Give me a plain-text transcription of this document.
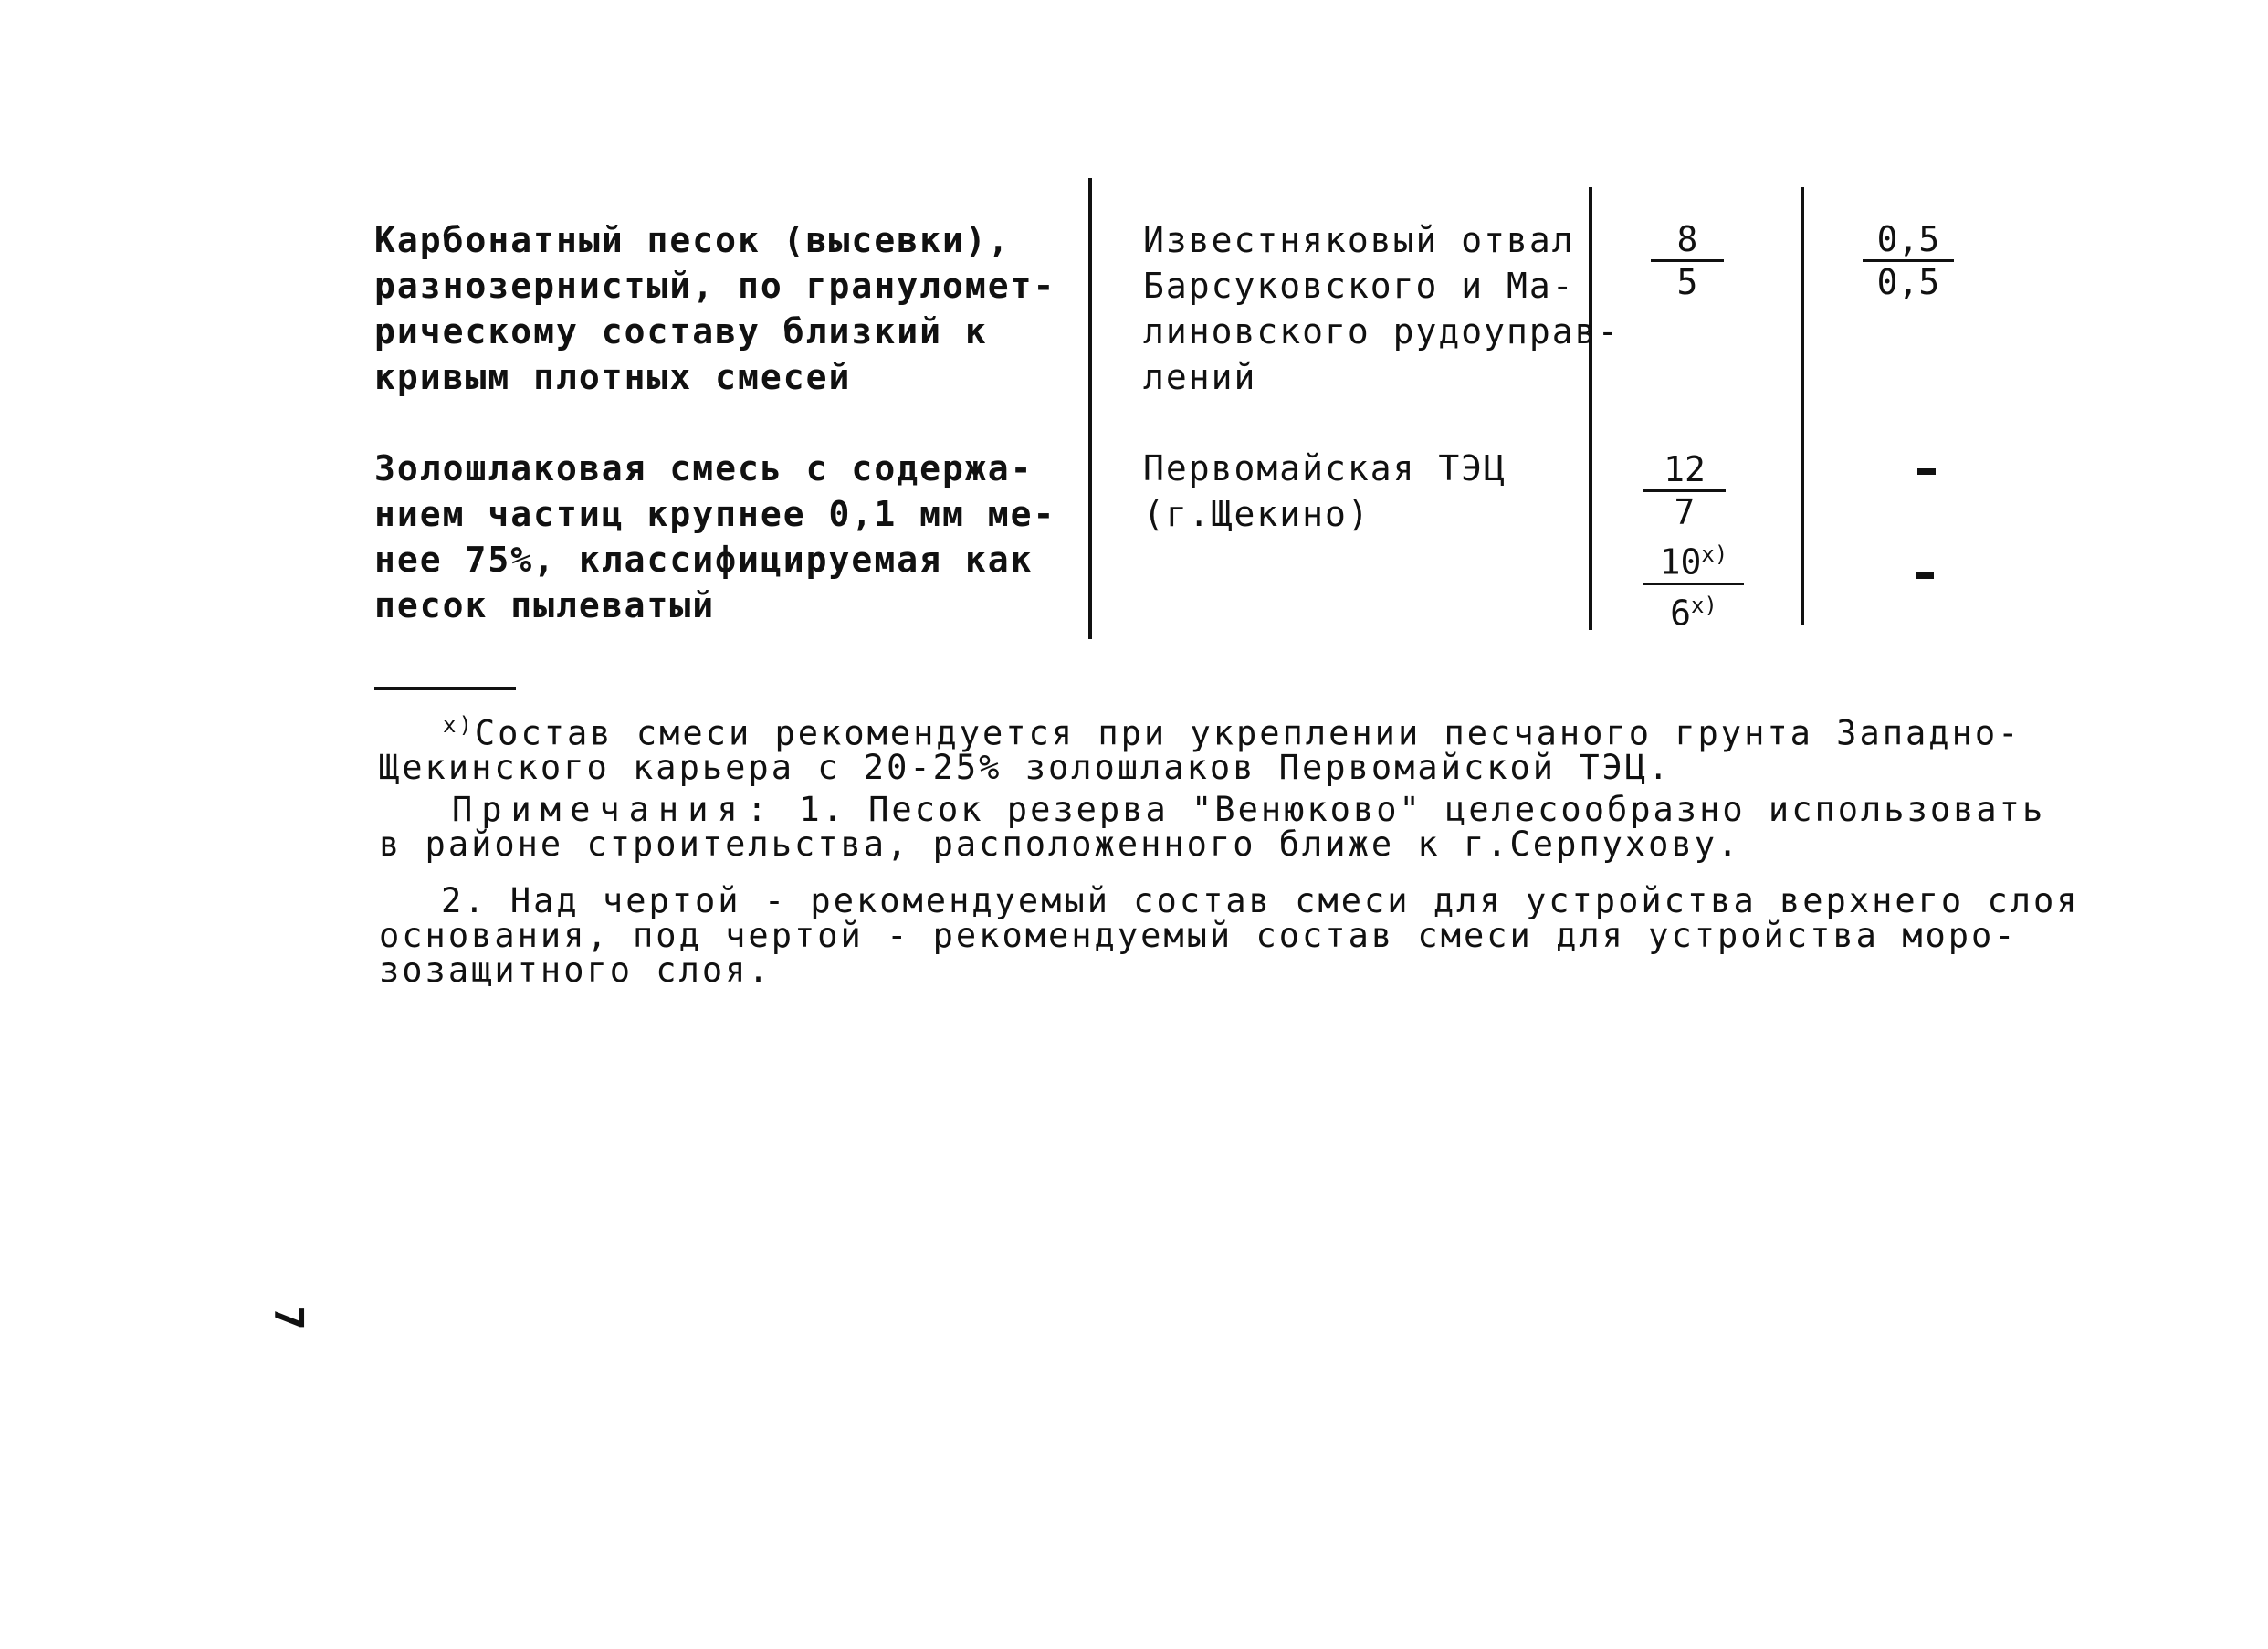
Карбонатный песок (высевки),
разнозернистый, по грануломет-
рическому составу близкий к
кривым плотных смесей
Известняковый отвал
Барсуковского и Ма-
линовского рудоуправ-
лений
$\frac{8}{5}$	$\frac{0,5}{0,5}$
Золошлаковая смесь с содержа-
нием частиц крупнее 0,1 мм ме-
нее 75%, классифицируемая как
песок пылеватый
Первомайская ТЭЦ
(г.Щекино)	$\frac{12}{7}$
$\frac{10^{x)}}{6^{x)}}$
$^{x)}$Состав смеси рекомендуется при укреплении песчаного грунта Западно-
Щекинского карьера с 20-25% золошлаков Первомайской ТЭЦ.
Примечания: 1. Песок резерва "Венюково" целесообразно использовать
в районе строительства, расположенного ближе к г.Серпухову.
2. Над чертой - рекомендуемый состав смеси для устройства верхнего слоя
основания, под чертой - рекомендуемый состав смеси для устройства моро-
зозащитного слоя.
7
